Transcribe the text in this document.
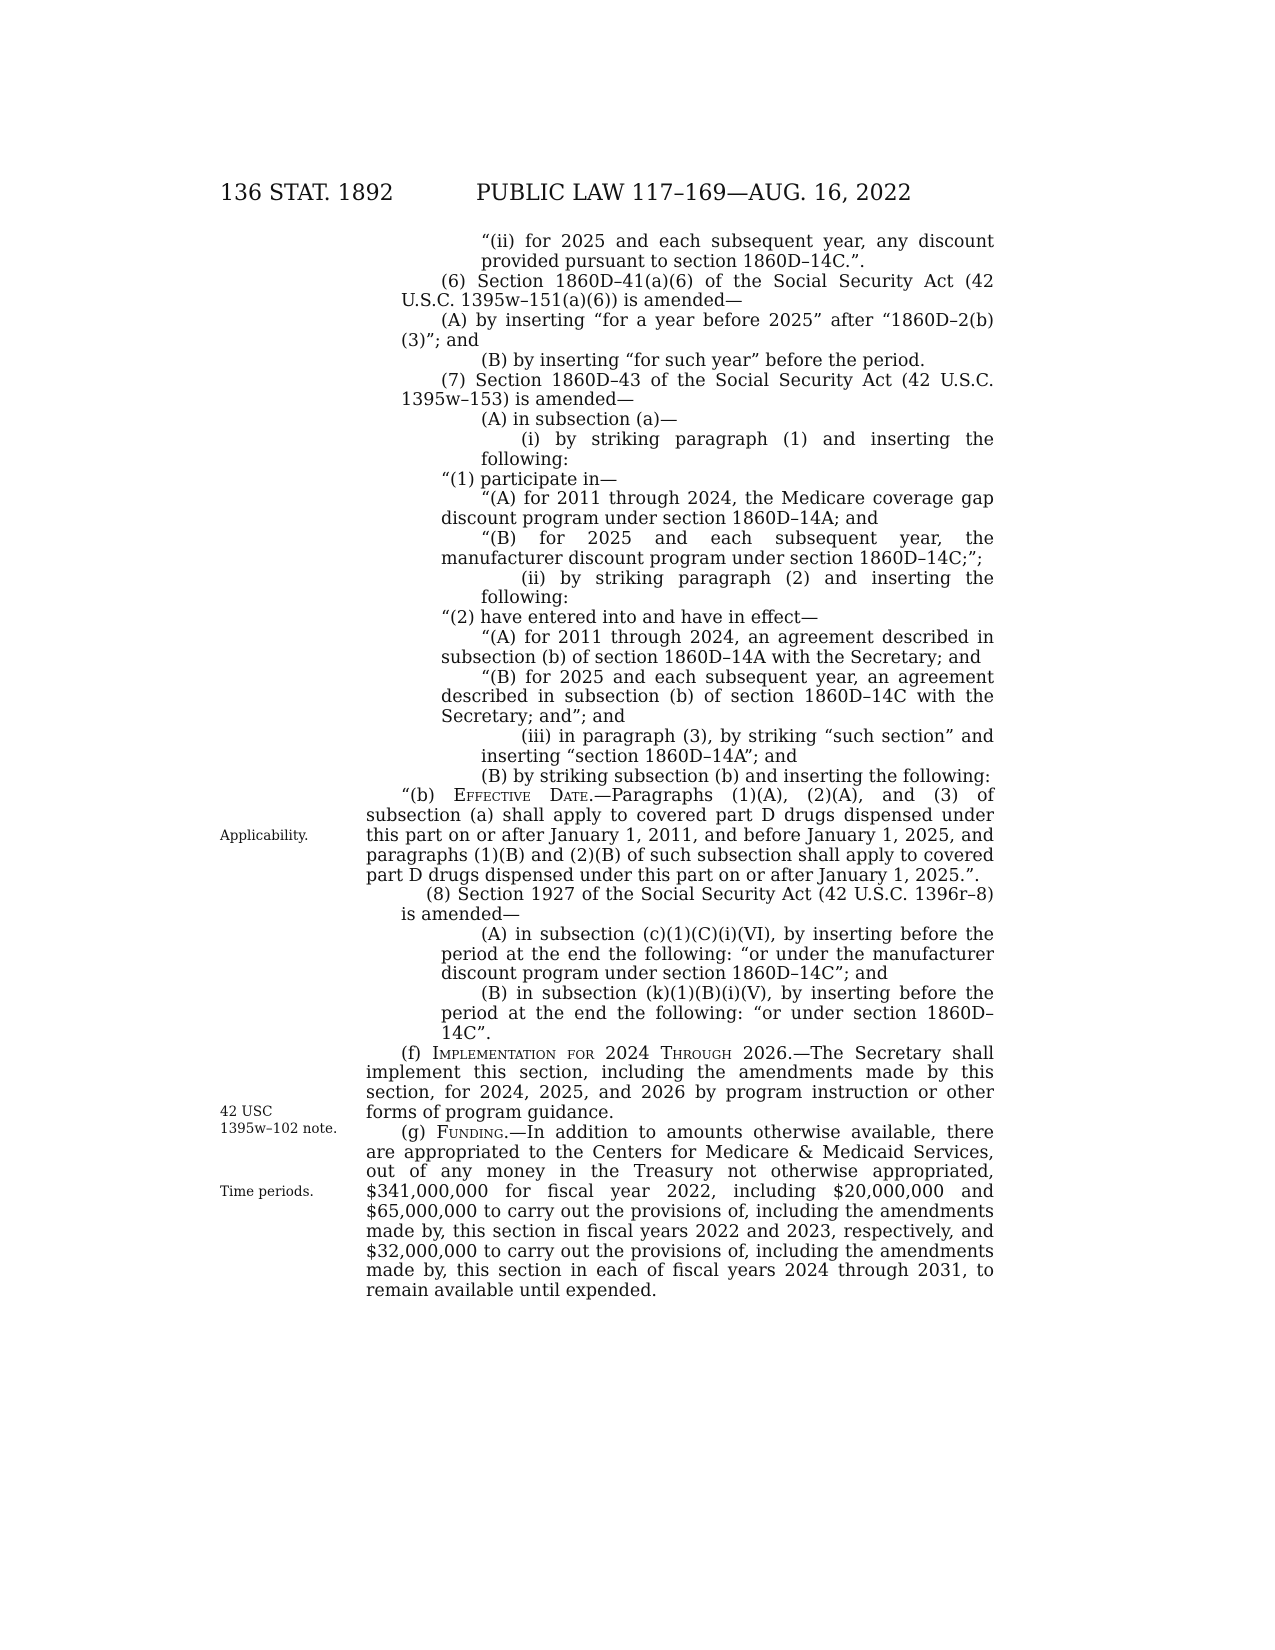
136 STAT. 1892	PUBLIC LAW 117–169—AUG. 16, 2022
Applicability.
42 USC
1395w–102 note.
Time periods.

“(ii) for 2025 and each subsequent year, any discount provided pursuant to section 1860D–14C.”.

(6) Section 1860D–41(a)(6) of the Social Security Act (42 U.S.C. 1395w–151(a)(6)) is amended—

(A) by inserting “for a year before 2025” after “1860D–2(b)(3)”; and

(B) by inserting “for such year” before the period.

(7) Section 1860D–43 of the Social Security Act (42 U.S.C. 1395w–153) is amended—

(A) in subsection (a)—

(i) by striking paragraph (1) and inserting the following:

“(1) participate in—

“(A) for 2011 through 2024, the Medicare coverage gap discount program under section 1860D–14A; and

“(B) for 2025 and each subsequent year, the manufacturer discount program under section 1860D–14C;”;

(ii) by striking paragraph (2) and inserting the following:

“(2) have entered into and have in effect—

“(A) for 2011 through 2024, an agreement described in subsection (b) of section 1860D–14A with the Secretary; and

“(B) for 2025 and each subsequent year, an agreement described in subsection (b) of section 1860D–14C with the Secretary; and”; and

(iii) in paragraph (3), by striking “such section” and inserting “section 1860D–14A”; and

(B) by striking subsection (b) and inserting the following:

“(b) Effective Date.—Paragraphs (1)(A), (2)(A), and (3) of subsection (a) shall apply to covered part D drugs dispensed under this part on or after January 1, 2011, and before January 1, 2025, and paragraphs (1)(B) and (2)(B) of such subsection shall apply to covered part D drugs dispensed under this part on or after January 1, 2025.”.

(8) Section 1927 of the Social Security Act (42 U.S.C. 1396r–8) is amended—

(A) in subsection (c)(1)(C)(i)(VI), by inserting before the period at the end the following: “or under the manufacturer discount program under section 1860D–14C”; and

(B) in subsection (k)(1)(B)(i)(V), by inserting before the period at the end the following: “or under section 1860D–14C”.

(f) Implementation for 2024 Through 2026.—The Secretary shall implement this section, including the amendments made by this section, for 2024, 2025, and 2026 by program instruction or other forms of program guidance.

(g) Funding.—In addition to amounts otherwise available, there are appropriated to the Centers for Medicare & Medicaid Services, out of any money in the Treasury not otherwise appropriated, $341,000,000 for fiscal year 2022, including $20,000,000 and $65,000,000 to carry out the provisions of, including the amendments made by, this section in fiscal years 2022 and 2023, respectively, and $32,000,000 to carry out the provisions of, including the amendments made by, this section in each of fiscal years 2024 through 2031, to remain available until expended.
